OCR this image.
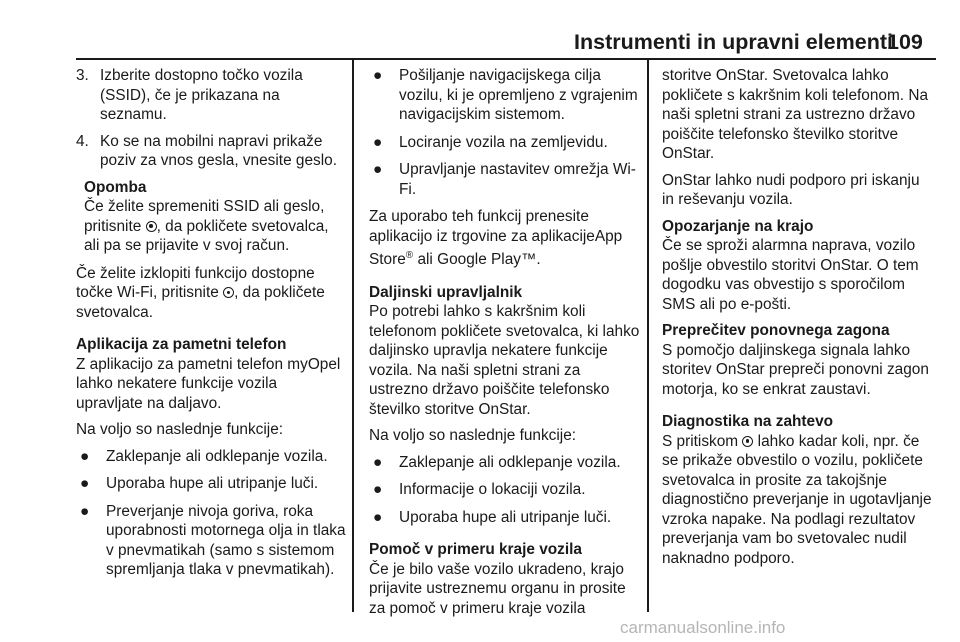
Instrumenti in upravni elementi
109
3. Izberite dostopno točko vozila (SSID), če je prikazana na seznamu.
4. Ko se na mobilni napravi prikaže poziv za vnos gesla, vnesite geslo.
Opomba
Če želite spremeniti SSID ali geslo, pritisnite , da pokličete svetovalca, ali pa se prijavite v svoj račun.

Če želite izklopiti funkcijo dostopne točke Wi-Fi, pritisnite , da pokličete svetovalca.

Aplikacija za pametni telefon

Z aplikacijo za pametni telefon myOpel lahko nekatere funkcije vozila upravljate na daljavo.

Na voljo so naslednje funkcije:

●	Zaklepanje ali odklepanje vozila.
●	Uporaba hupe ali utripanje luči.
●	Preverjanje nivoja goriva, roka uporabnosti motornega olja in tlaka v pnevmatikah (samo s sistemom spremljanja tlaka v pnevmatikah).
●	Pošiljanje navigacijskega cilja vozilu, ki je opremljeno z vgrajenim navigacijskim sistemom.
●	Lociranje vozila na zemljevidu.
●	Upravljanje nastavitev omrežja Wi-Fi.

Za uporabo teh funkcij prenesite aplikacijo iz trgovine za aplikacijeApp Store® ali Google Play™.

Daljinski upravljalnik

Po potrebi lahko s kakršnim koli telefonom pokličete svetovalca, ki lahko daljinsko upravlja nekatere funkcije vozila. Na naši spletni strani za ustrezno državo poiščite telefonsko številko storitve OnStar.

Na voljo so naslednje funkcije:

●	Zaklepanje ali odklepanje vozila.
●	Informacije o lokaciji vozila.
●	Uporaba hupe ali utripanje luči.

Pomoč v primeru kraje vozila

Če je bilo vaše vozilo ukradeno, krajo prijavite ustreznemu organu in prosite za pomoč v primeru kraje vozila

storitve OnStar. Svetovalca lahko pokličete s kakršnim koli telefonom. Na naši spletni strani za ustrezno državo poiščite telefonsko številko storitve OnStar.

OnStar lahko nudi podporo pri iskanju in reševanju vozila.

Opozarjanje na krajo

Če se sproži alarmna naprava, vozilo pošlje obvestilo storitvi OnStar. O tem dogodku vas obvestijo s sporočilom SMS ali po e-pošti.

Preprečitev ponovnega zagona

S pomočjo daljinskega signala lahko storitev OnStar prepreči ponovni zagon motorja, ko se enkrat zaustavi.

Diagnostika na zahtevo

S pritiskom  lahko kadar koli, npr. če se prikaže obvestilo o vozilu, pokličete svetovalca in prosite za takojšnje diagnostično preverjanje in ugotavljanje vzroka napake. Na podlagi rezultatov preverjanja vam bo svetovalec nudil naknadno podporo.

carmanualsonline.info
